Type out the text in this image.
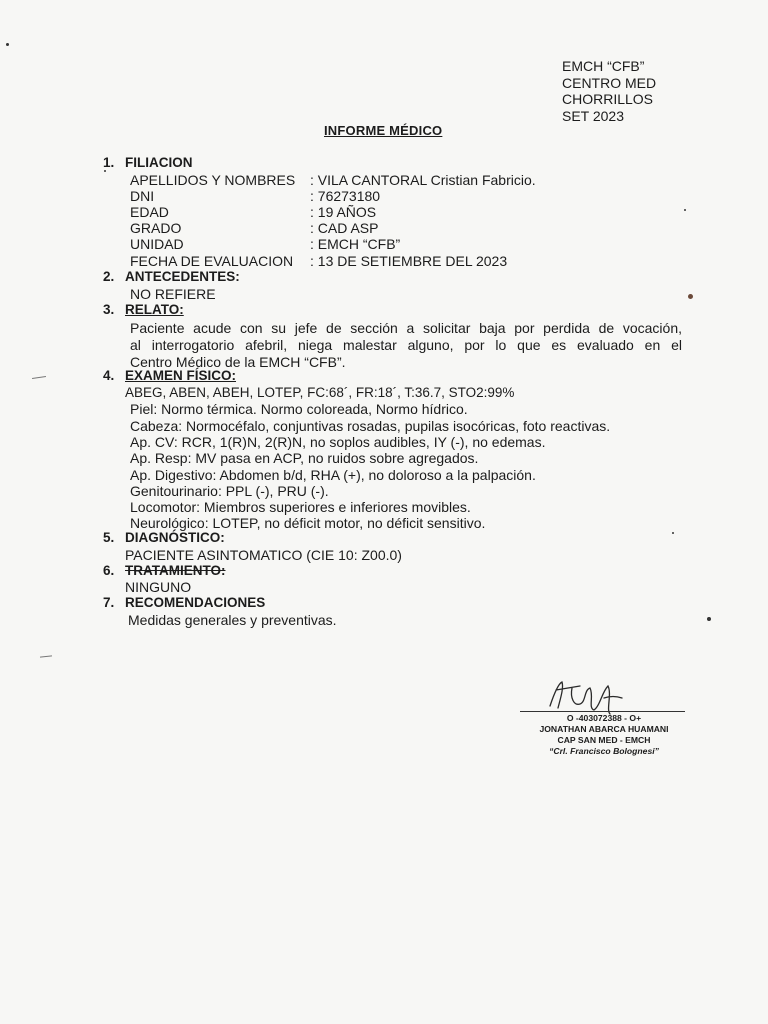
EMCH “CFB”
CENTRO MED
CHORRILLOS
SET 2023
INFORME MÉDICO
1. FILIACION
APELLIDOS Y NOMBRES : VILA CANTORAL Cristian Fabricio.
DNI	: 76273180
EDAD	: 19 AÑOS
GRADO	: CAD ASP
UNIDAD	: EMCH “CFB”
FECHA DE EVALUACION : 13 DE SETIEMBRE DEL 2023
2. ANTECEDENTES:
NO REFIERE
3. RELATO:
Paciente acude con su jefe de sección a solicitar baja por perdida de vocación,
al interrogatorio afebril, niega malestar alguno, por lo que es evaluado en el
Centro Médico de la EMCH “CFB”.
4. EXAMEN FÍSICO:
ABEG, ABEN, ABEH, LOTEP, FC:68´, FR:18´, T:36.7, STO2:99%
Piel: Normo térmica. Normo coloreada, Normo hídrico.
Cabeza: Normocéfalo, conjuntivas rosadas, pupilas isocóricas, foto reactivas.
Ap. CV: RCR, 1(R)N, 2(R)N, no soplos audibles, IY (-), no edemas.
Ap. Resp: MV pasa en ACP, no ruidos sobre agregados.
Ap. Digestivo: Abdomen b/d, RHA (+), no doloroso a la palpación.
Genitourinario: PPL (-), PRU (-).
Locomotor: Miembros superiores e inferiores movibles.
Neurológico: LOTEP, no déficit motor, no déficit sensitivo.
5. DIAGNÓSTICO:
PACIENTE ASINTOMATICO (CIE 10: Z00.0)
6. TRATAMIENTO:
NINGUNO
7. RECOMENDACIONES
Medidas generales y preventivas.
O -403072388 - O+
JONATHAN ABARCA HUAMANI
CAP SAN MED - EMCH
“Crl. Francisco Bolognesi”
